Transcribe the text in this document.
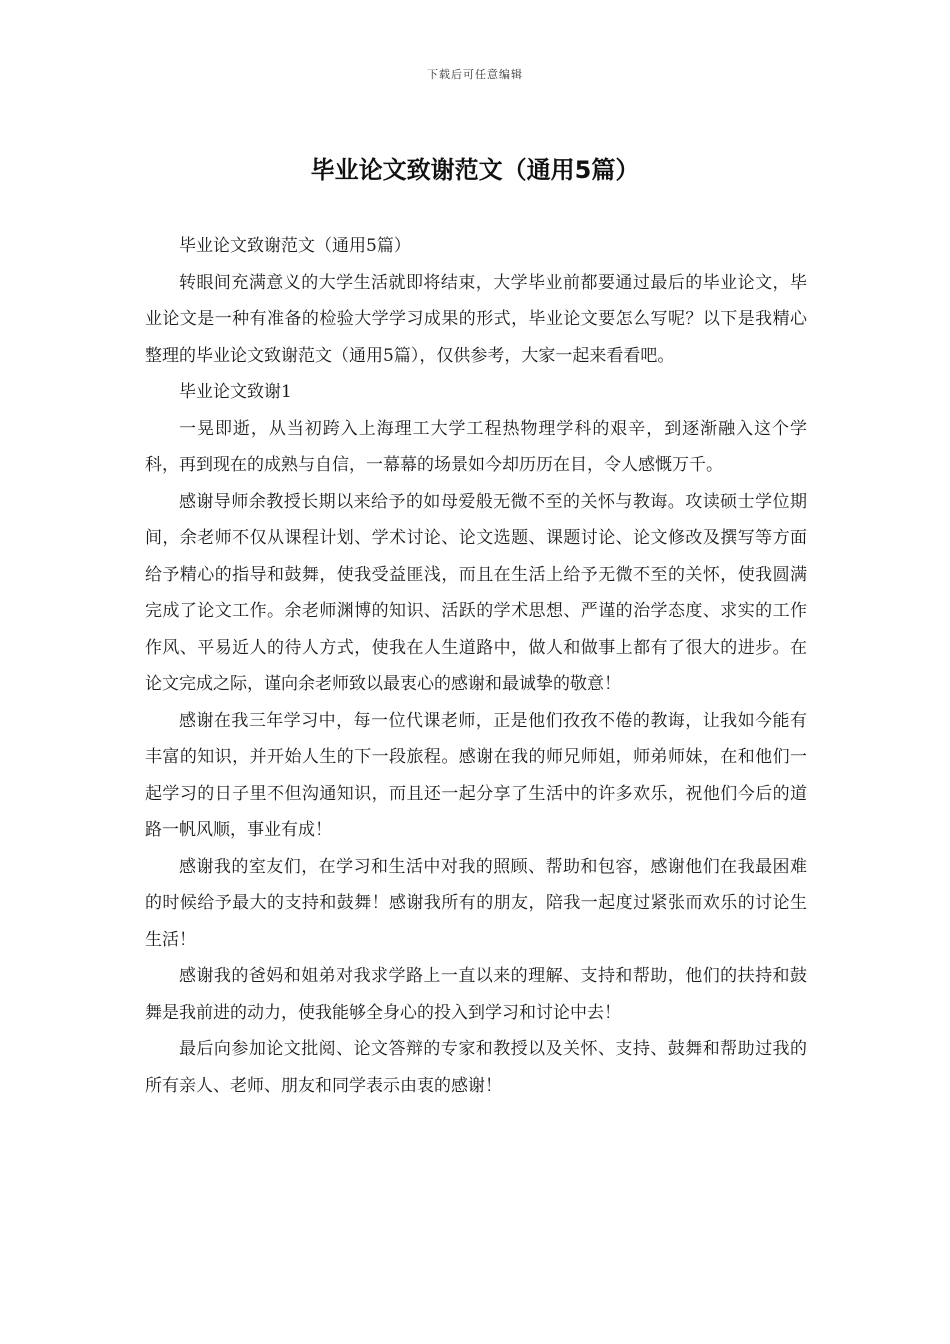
下载后可任意编辑
毕业论文致谢范文（通用5篇）

毕业论文致谢范文（通用5篇）

转眼间充满意义的大学生活就即将结束，大学毕业前都要通过最后的毕业论文，毕业论文是一种有准备的检验大学学习成果的形式，毕业论文要怎么写呢？以下是我精心整理的毕业论文致谢范文（通用5篇），仅供参考，大家一起来看看吧。

毕业论文致谢1

一晃即逝，从当初跨入上海理工大学工程热物理学科的艰辛，到逐渐融入这个学科，再到现在的成熟与自信，一幕幕的场景如今却历历在目，令人感慨万千。

感谢导师余教授长期以来给予的如母爱般无微不至的关怀与教诲。攻读硕士学位期间，余老师不仅从课程计划、学术讨论、论文选题、课题讨论、论文修改及撰写等方面给予精心的指导和鼓舞，使我受益匪浅，而且在生活上给予无微不至的关怀，使我圆满完成了论文工作。余老师渊博的知识、活跃的学术思想、严谨的治学态度、求实的工作作风、平易近人的待人方式，使我在人生道路中，做人和做事上都有了很大的进步。在论文完成之际，谨向余老师致以最衷心的感谢和最诚挚的敬意！

感谢在我三年学习中，每一位代课老师，正是他们孜孜不倦的教诲，让我如今能有丰富的知识，并开始人生的下一段旅程。感谢在我的师兄师姐，师弟师妹，在和他们一起学习的日子里不但沟通知识，而且还一起分享了生活中的许多欢乐，祝他们今后的道路一帆风顺，事业有成！

感谢我的室友们，在学习和生活中对我的照顾、帮助和包容，感谢他们在我最困难的时候给予最大的支持和鼓舞！感谢我所有的朋友，陪我一起度过紧张而欢乐的讨论生生活！

感谢我的爸妈和姐弟对我求学路上一直以来的理解、支持和帮助，他们的扶持和鼓舞是我前进的动力，使我能够全身心的投入到学习和讨论中去！

最后向参加论文批阅、论文答辩的专家和教授以及关怀、支持、鼓舞和帮助过我的所有亲人、老师、朋友和同学表示由衷的感谢！
